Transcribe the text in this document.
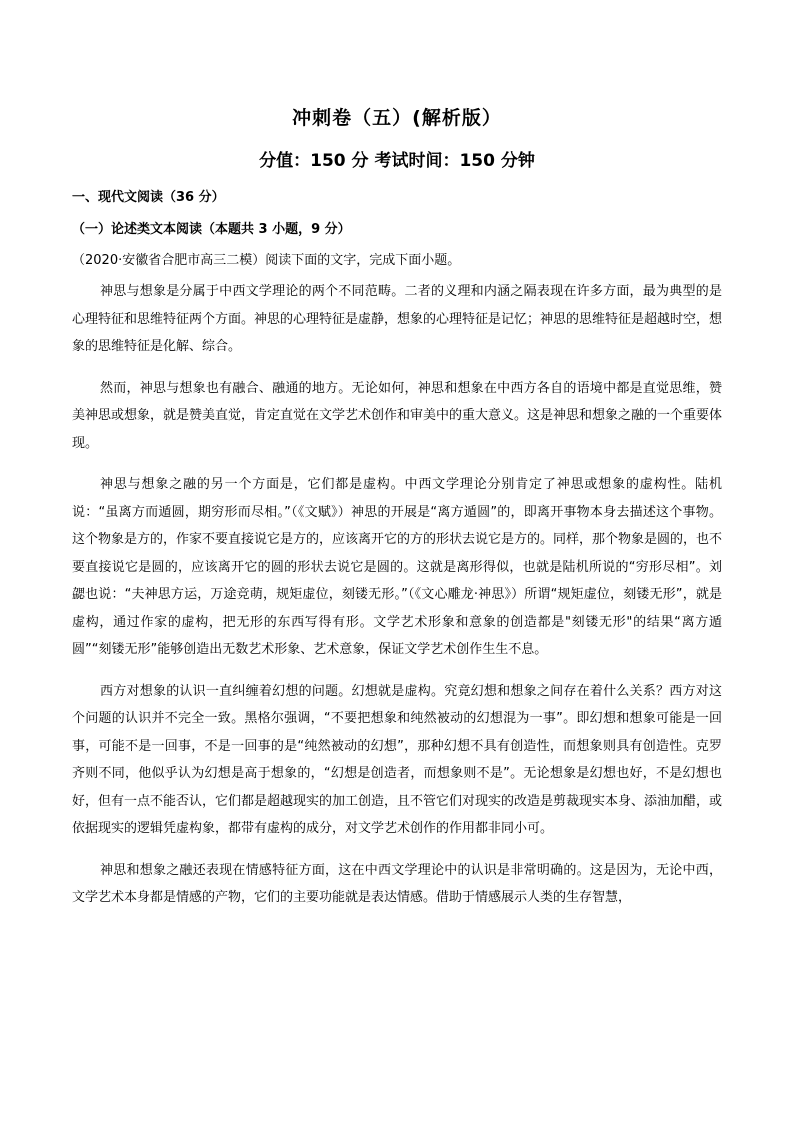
冲刺卷（五）(解析版）
分值：150 分 考试时间：150 分钟
一、现代文阅读（36 分）
（一）论述类文本阅读（本题共 3 小题，9 分）
（2020·安徽省合肥市高三二模）阅读下面的文字，完成下面小题。

神思与想象是分属于中西文学理论的两个不同范畴。二者的义理和内涵之隔表现在许多方面，最为典型的是心理特征和思维特征两个方面。神思的心理特征是虚静，想象的心理特征是记忆；神思的思维特征是超越时空，想象的思维特征是化解、综合。

然而，神思与想象也有融合、融通的地方。无论如何，神思和想象在中西方各自的语境中都是直觉思维，赞美神思或想象，就是赞美直觉，肯定直觉在文学艺术创作和审美中的重大意义。这是神思和想象之融的一个重要体现。

神思与想象之融的另一个方面是，它们都是虚构。中西文学理论分别肯定了神思或想象的虚构性。陆机说：“虽离方而遁圆，期穷形而尽相。”（《文赋》）神思的开展是“离方遁圆”的，即离开事物本身去描述这个事物。这个物象是方的，作家不要直接说它是方的，应该离开它的方的形状去说它是方的。同样，那个物象是圆的，也不要直接说它是圆的，应该离开它的圆的形状去说它是圆的。这就是离形得似，也就是陆机所说的“穷形尽相”。刘勰也说：“夫神思方运，万途竞萌，规矩虚位，刻镂无形。”（《文心雕龙·神思》）所谓“规矩虚位，刻镂无形”，就是虚构，通过作家的虚构，把无形的东西写得有形。文学艺术形象和意象的创造都是"刻镂无形"的结果“离方遁圆”“刻镂无形”能够创造出无数艺术形象、艺术意象，保证文学艺术创作生生不息。

西方对想象的认识一直纠缠着幻想的问题。幻想就是虚构。究竟幻想和想象之间存在着什么关系？西方对这个问题的认识并不完全一致。黑格尔强调，“不要把想象和纯然被动的幻想混为一事”。即幻想和想象可能是一回事，可能不是一回事，不是一回事的是“纯然被动的幻想”，那种幻想不具有创造性，而想象则具有创造性。克罗齐则不同，他似乎认为幻想是高于想象的，“幻想是创造者，而想象则不是”。无论想象是幻想也好，不是幻想也好，但有一点不能否认，它们都是超越现实的加工创造，且不管它们对现实的改造是剪裁现实本身、添油加醋，或依据现实的逻辑凭虚构象，都带有虚构的成分，对文学艺术创作的作用都非同小可。

神思和想象之融还表现在情感特征方面，这在中西文学理论中的认识是非常明确的。这是因为，无论中西，文学艺术本身都是情感的产物，它们的主要功能就是表达情感。借助于情感展示人类的生存智慧，
